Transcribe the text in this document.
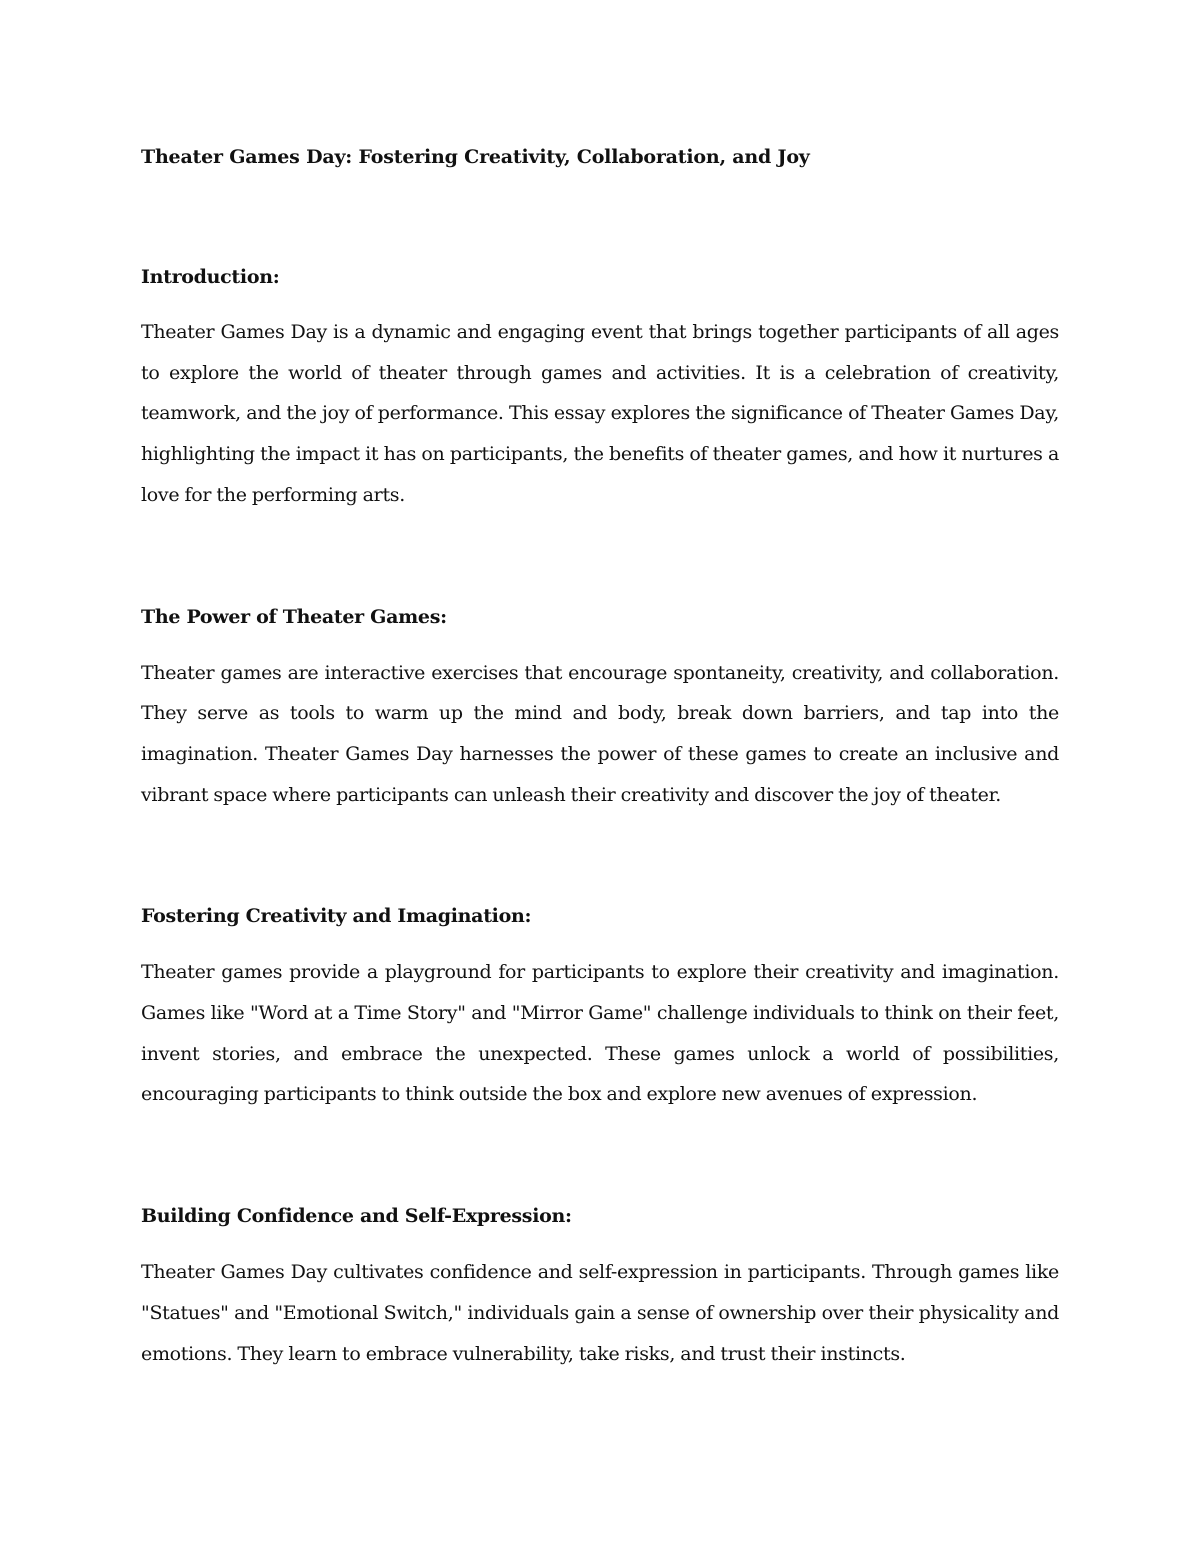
Theater Games Day: Fostering Creativity, Collaboration, and Joy
Introduction:

Theater Games Day is a dynamic and engaging event that brings together participants of all ages to explore the world of theater through games and activities. It is a celebration of creativity, teamwork, and the joy of performance. This essay explores the significance of Theater Games Day, highlighting the impact it has on participants, the benefits of theater games, and how it nurtures a love for the performing arts.

The Power of Theater Games:

Theater games are interactive exercises that encourage spontaneity, creativity, and collaboration. They serve as tools to warm up the mind and body, break down barriers, and tap into the imagination. Theater Games Day harnesses the power of these games to create an inclusive and vibrant space where participants can unleash their creativity and discover the joy of theater.

Fostering Creativity and Imagination:

Theater games provide a playground for participants to explore their creativity and imagination. Games like "Word at a Time Story" and "Mirror Game" challenge individuals to think on their feet, invent stories, and embrace the unexpected. These games unlock a world of possibilities, encouraging participants to think outside the box and explore new avenues of expression.

Building Confidence and Self-Expression:

Theater Games Day cultivates confidence and self-expression in participants. Through games like "Statues" and "Emotional Switch," individuals gain a sense of ownership over their physicality and emotions. They learn to embrace vulnerability, take risks, and trust their instincts.
